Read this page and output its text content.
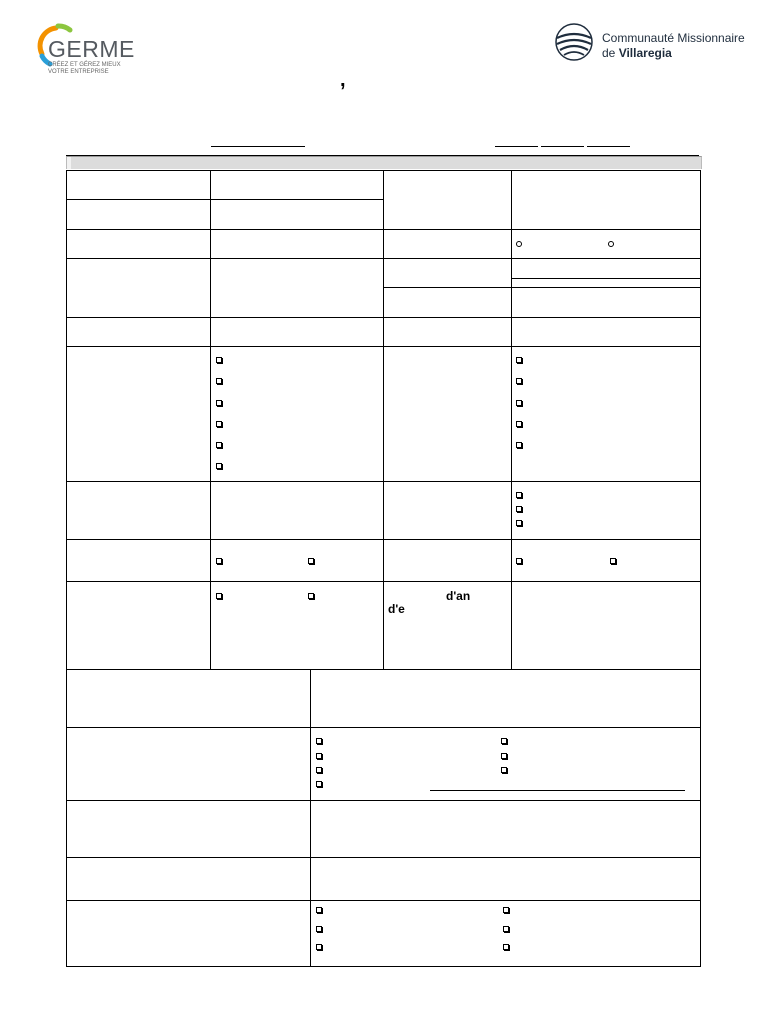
GERME
CRÉEZ ET GÉREZ MIEUX
VOTRE ENTREPRISE
Communauté Missionnaire
de Villaregia
,
d'an
d'e
